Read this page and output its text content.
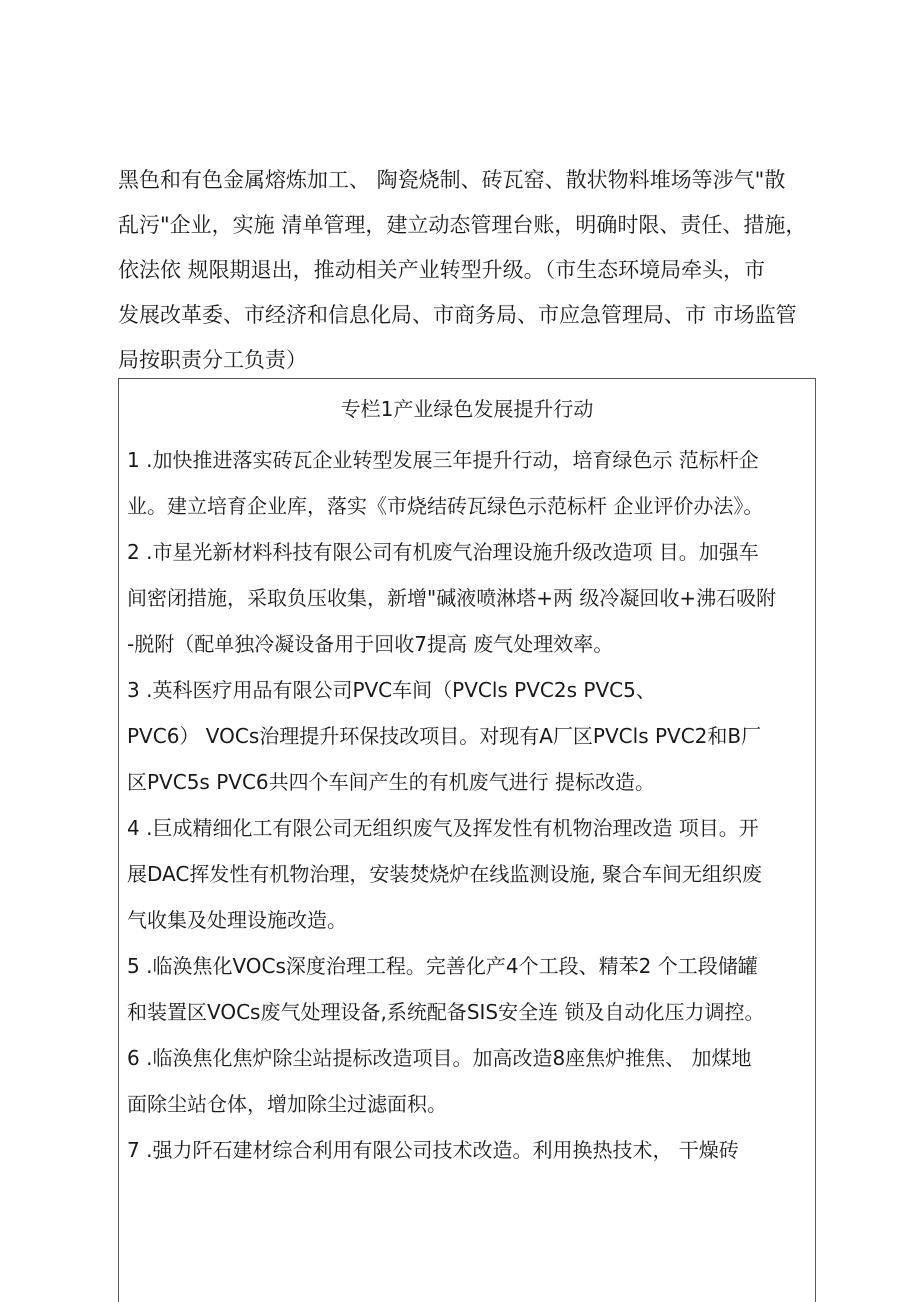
黑色和有色金属熔炼加工、 陶瓷烧制、砖瓦窑、散状物料堆场等涉气"散
乱污"企业，实施 清单管理，建立动态管理台账，明确时限、责任、措施，
依法依 规限期退出，推动相关产业转型升级。（市生态环境局牵头，市
发展改革委、市经济和信息化局、市商务局、市应急管理局、市 市场监管
局按职责分工负责）
专栏1产业绿色发展提升行动
1 .加快推进落实砖瓦企业转型发展三年提升行动，培育绿色示 范标杆企
业。建立培育企业库，落实《市烧结砖瓦绿色示范标杆 企业评价办法》。
2 .市星光新材料科技有限公司有机废气治理设施升级改造项 目。加强车
间密闭措施，采取负压收集，新增"碱液喷淋塔+两 级冷凝回收+沸石吸附
-脱附（配单独冷凝设备用于回收7提高 废气处理效率。
3 .英科医疗用品有限公司PVC车间（PVCls PVC2s PVC5、
PVC6） VOCs治理提升环保技改项目。对现有A厂区PVCls PVC2和B厂
区PVC5s PVC6共四个车间产生的有机废气进行 提标改造。
4 .巨成精细化工有限公司无组织废气及挥发性有机物治理改造 项目。开
展DAC挥发性有机物治理，安装焚烧炉在线监测设施, 聚合车间无组织废
气收集及处理设施改造。
5 .临涣焦化VOCs深度治理工程。完善化产4个工段、精苯2 个工段储罐
和装置区VOCs废气处理设备,系统配备SIS安全连 锁及自动化压力调控。
6 .临涣焦化焦炉除尘站提标改造项目。加高改造8座焦炉推焦、 加煤地
面除尘站仓体，增加除尘过滤面积。
7 .强力阡石建材综合利用有限公司技术改造。利用换热技术， 干燥砖
